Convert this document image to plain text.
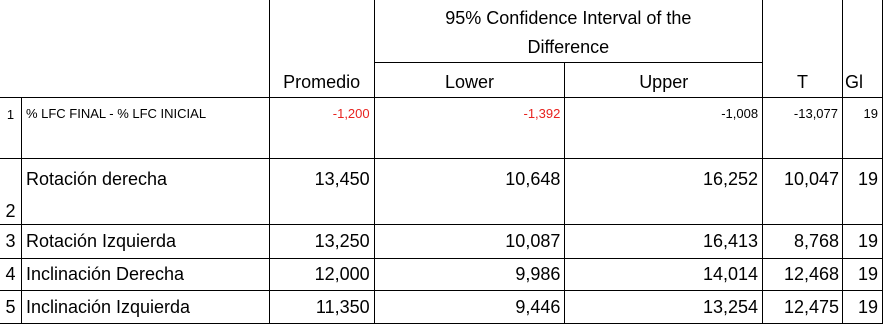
		Promedio	95% Confidence Interval of the Difference		T	Gl
			Lower	Upper		
1	% LFC FINAL - % LFC INICIAL	-1,200	-1,392	-1,008	-13,077	19
2	Rotación derecha	13,450	10,648	16,252	10,047	19
3	Rotación Izquierda	13,250	10,087	16,413	8,768	19
4	Inclinación Derecha	12,000	9,986	14,014	12,468	19
5	Inclinación Izquierda	11,350	9,446	13,254	12,475	19
